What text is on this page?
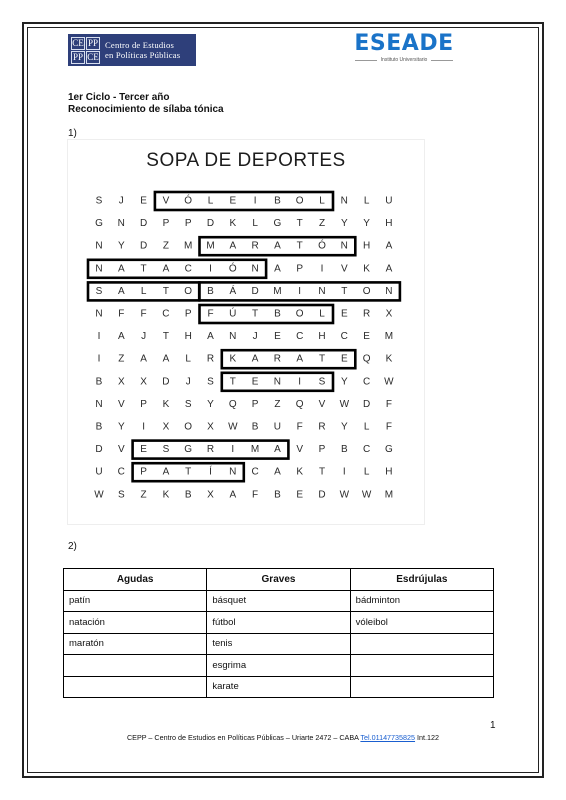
CE PP
PP CE
Centro de Estudios
en Políticas Públicas	ESEADE
Instituto Universitario
1er Ciclo - Tercer año
Reconocimiento de sílaba tónica
1)
SOPA DE DEPORTES
S J E V Ó L E I B O L N L U
G N D P P D K L G T Z Y Y H
N Y D Z M M A R A T Ó N H A
N A T A C I Ó N A P I V K A
S A L T O B Á D M I N T O N
N F F C P F Ú T B O L E R X
I A J T H A N J E C H C E M
I Z A A L R K A R A T E Q K
B X X D J S T E N I S Y C W
N V P K S Y Q P Z Q V W D F
B Y I X O X W B U F R Y L F
D V E S G R I M A V P B C G
U C P A T Í N C A K T I L H
W S Z K B X A F B E D W W M
2)
Agudas	Graves	Esdrújulas
patín	básquet	bádminton
natación	fútbol	vóleibol
maratón	tenis	
	esgrima	
	karate	
1
CEPP – Centro de Estudios en Políticas Públicas – Uriarte 2472 – CABA Tel.01147735825 Int.122
